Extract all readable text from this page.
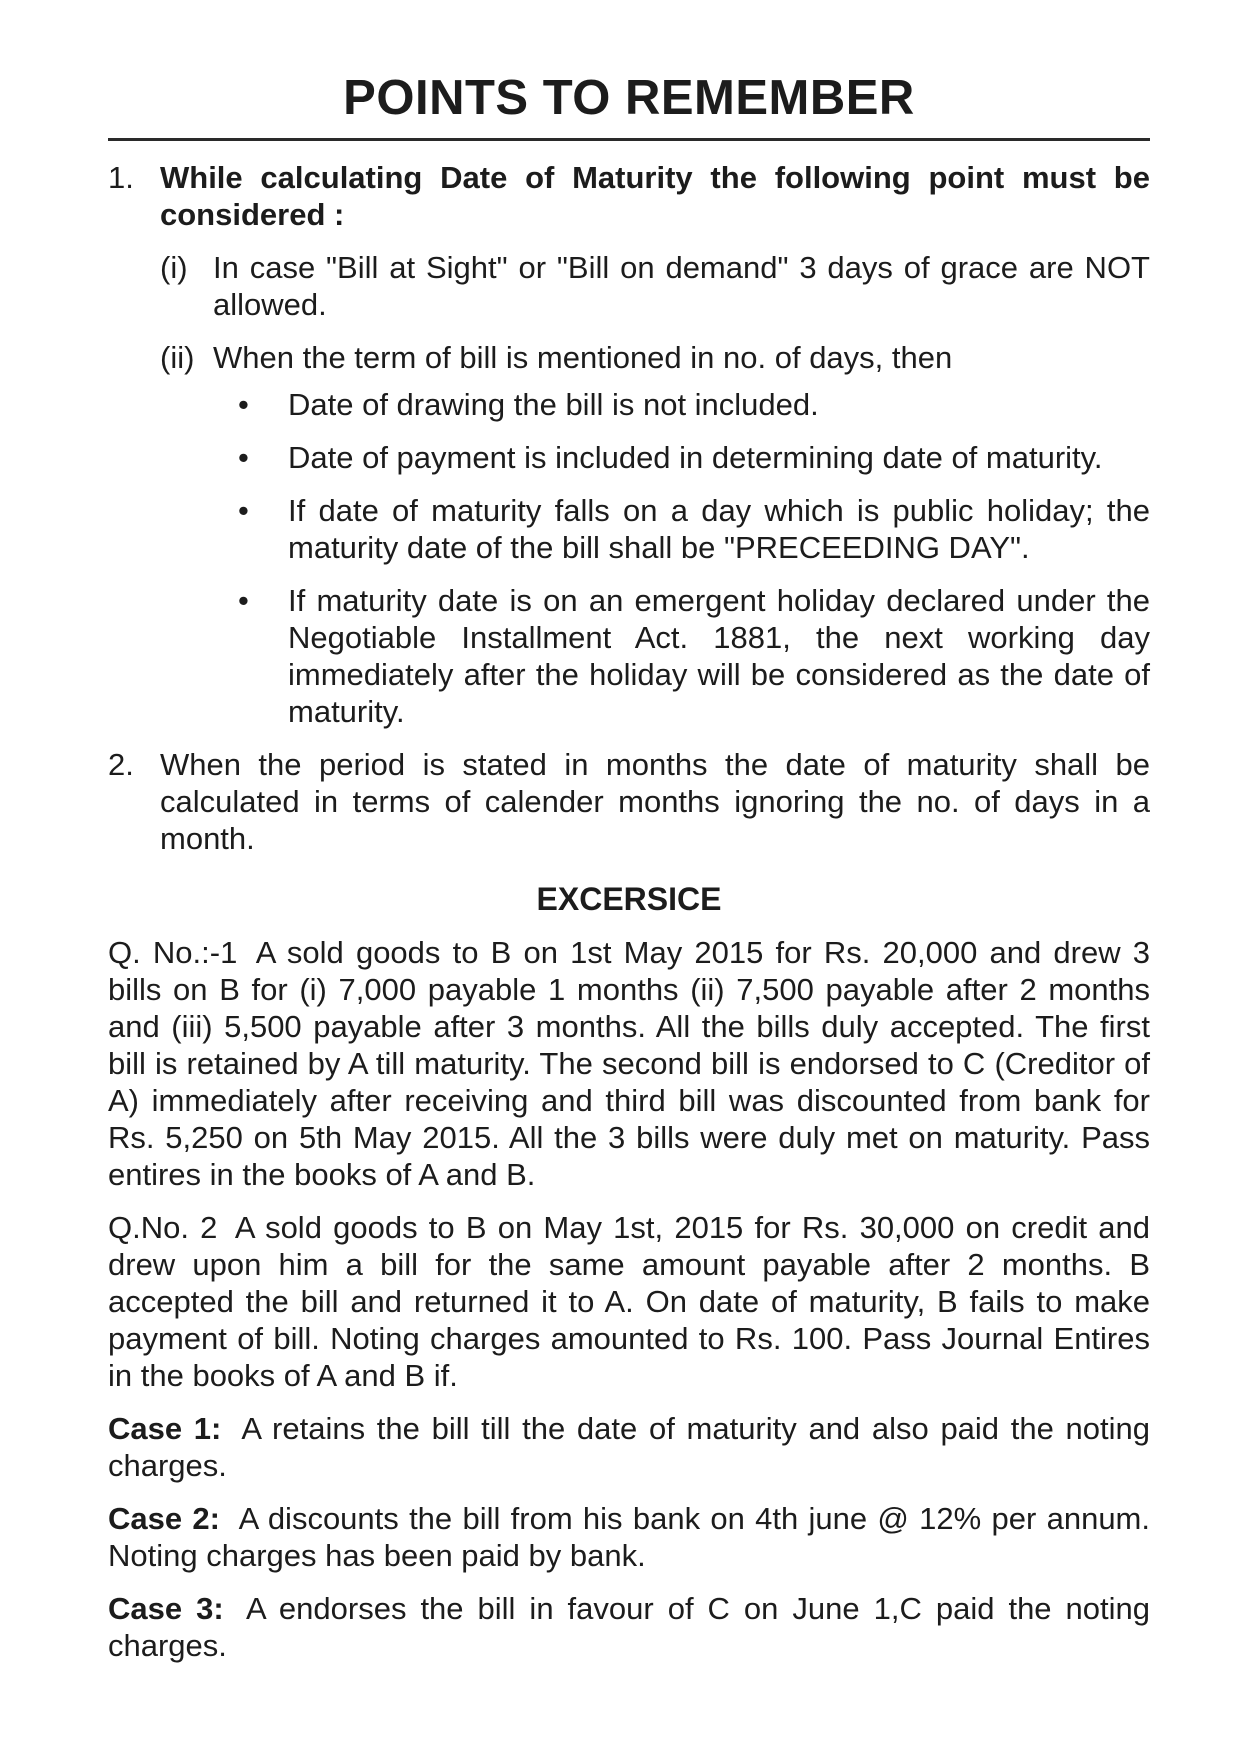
POINTS TO REMEMBER
1. While calculating Date of Maturity the following point must be considered :
(i) In case "Bill at Sight" or "Bill on demand" 3 days of grace are NOT allowed.
(ii) When the term of bill is mentioned in no. of days, then
• Date of drawing the bill is not included.
• Date of payment is included in determining date of maturity.
• If date of maturity falls on a day which is public holiday; the maturity date of the bill shall be "PRECEEDING DAY".
• If maturity date is on an emergent holiday declared under the Negotiable Installment Act. 1881, the next working day immediately after the holiday will be considered as the date of maturity.
2. When the period is stated in months the date of maturity shall be calculated in terms of calender months ignoring the no. of days in a month.
EXCERSICE
Q. No.:-1 A sold goods to B on 1st May 2015 for Rs. 20,000 and drew 3 bills on B for (i) 7,000 payable 1 months (ii) 7,500 payable after 2 months and (iii) 5,500 payable after 3 months. All the bills duly accepted. The first bill is retained by A till maturity. The second bill is endorsed to C (Creditor of A) immediately after receiving and third bill was discounted from bank for Rs. 5,250 on 5th May 2015. All the 3 bills were duly met on maturity. Pass entires in the books of A and B.
Q.No. 2 A sold goods to B on May 1st, 2015 for Rs. 30,000 on credit and drew upon him a bill for the same amount payable after 2 months. B accepted the bill and returned it to A. On date of maturity, B fails to make payment of bill. Noting charges amounted to Rs. 100. Pass Journal Entires in the books of A and B if.
Case 1: A retains the bill till the date of maturity and also paid the noting charges.
Case 2: A discounts the bill from his bank on 4th june @ 12% per annum. Noting charges has been paid by bank.
Case 3: A endorses the bill in favour of C on June 1,C paid the noting charges.
